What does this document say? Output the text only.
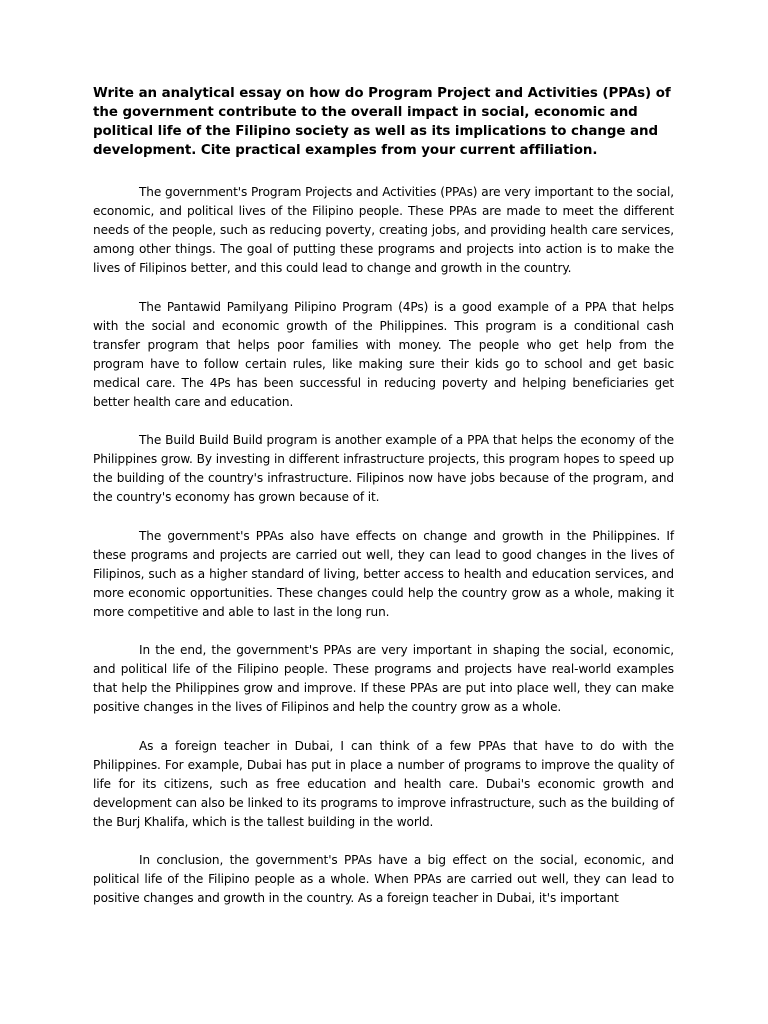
Write an analytical essay on how do Program Project and Activities (PPAs) of the government contribute to the overall impact in social, economic and political life of the Filipino society as well as its implications to change and development. Cite practical examples from your current affiliation.

The government's Program Projects and Activities (PPAs) are very important to the social, economic, and political lives of the Filipino people. These PPAs are made to meet the different needs of the people, such as reducing poverty, creating jobs, and providing health care services, among other things. The goal of putting these programs and projects into action is to make the lives of Filipinos better, and this could lead to change and growth in the country.

The Pantawid Pamilyang Pilipino Program (4Ps) is a good example of a PPA that helps with the social and economic growth of the Philippines. This program is a conditional cash transfer program that helps poor families with money. The people who get help from the program have to follow certain rules, like making sure their kids go to school and get basic medical care. The 4Ps has been successful in reducing poverty and helping beneficiaries get better health care and education.

The Build Build Build program is another example of a PPA that helps the economy of the Philippines grow. By investing in different infrastructure projects, this program hopes to speed up the building of the country's infrastructure. Filipinos now have jobs because of the program, and the country's economy has grown because of it.

The government's PPAs also have effects on change and growth in the Philippines. If these programs and projects are carried out well, they can lead to good changes in the lives of Filipinos, such as a higher standard of living, better access to health and education services, and more economic opportunities. These changes could help the country grow as a whole, making it more competitive and able to last in the long run.

In the end, the government's PPAs are very important in shaping the social, economic, and political life of the Filipino people. These programs and projects have real-world examples that help the Philippines grow and improve. If these PPAs are put into place well, they can make positive changes in the lives of Filipinos and help the country grow as a whole.

As a foreign teacher in Dubai, I can think of a few PPAs that have to do with the Philippines. For example, Dubai has put in place a number of programs to improve the quality of life for its citizens, such as free education and health care. Dubai's economic growth and development can also be linked to its programs to improve infrastructure, such as the building of the Burj Khalifa, which is the tallest building in the world.

In conclusion, the government's PPAs have a big effect on the social, economic, and political life of the Filipino people as a whole. When PPAs are carried out well, they can lead to positive changes and growth in the country. As a foreign teacher in Dubai, it's important
